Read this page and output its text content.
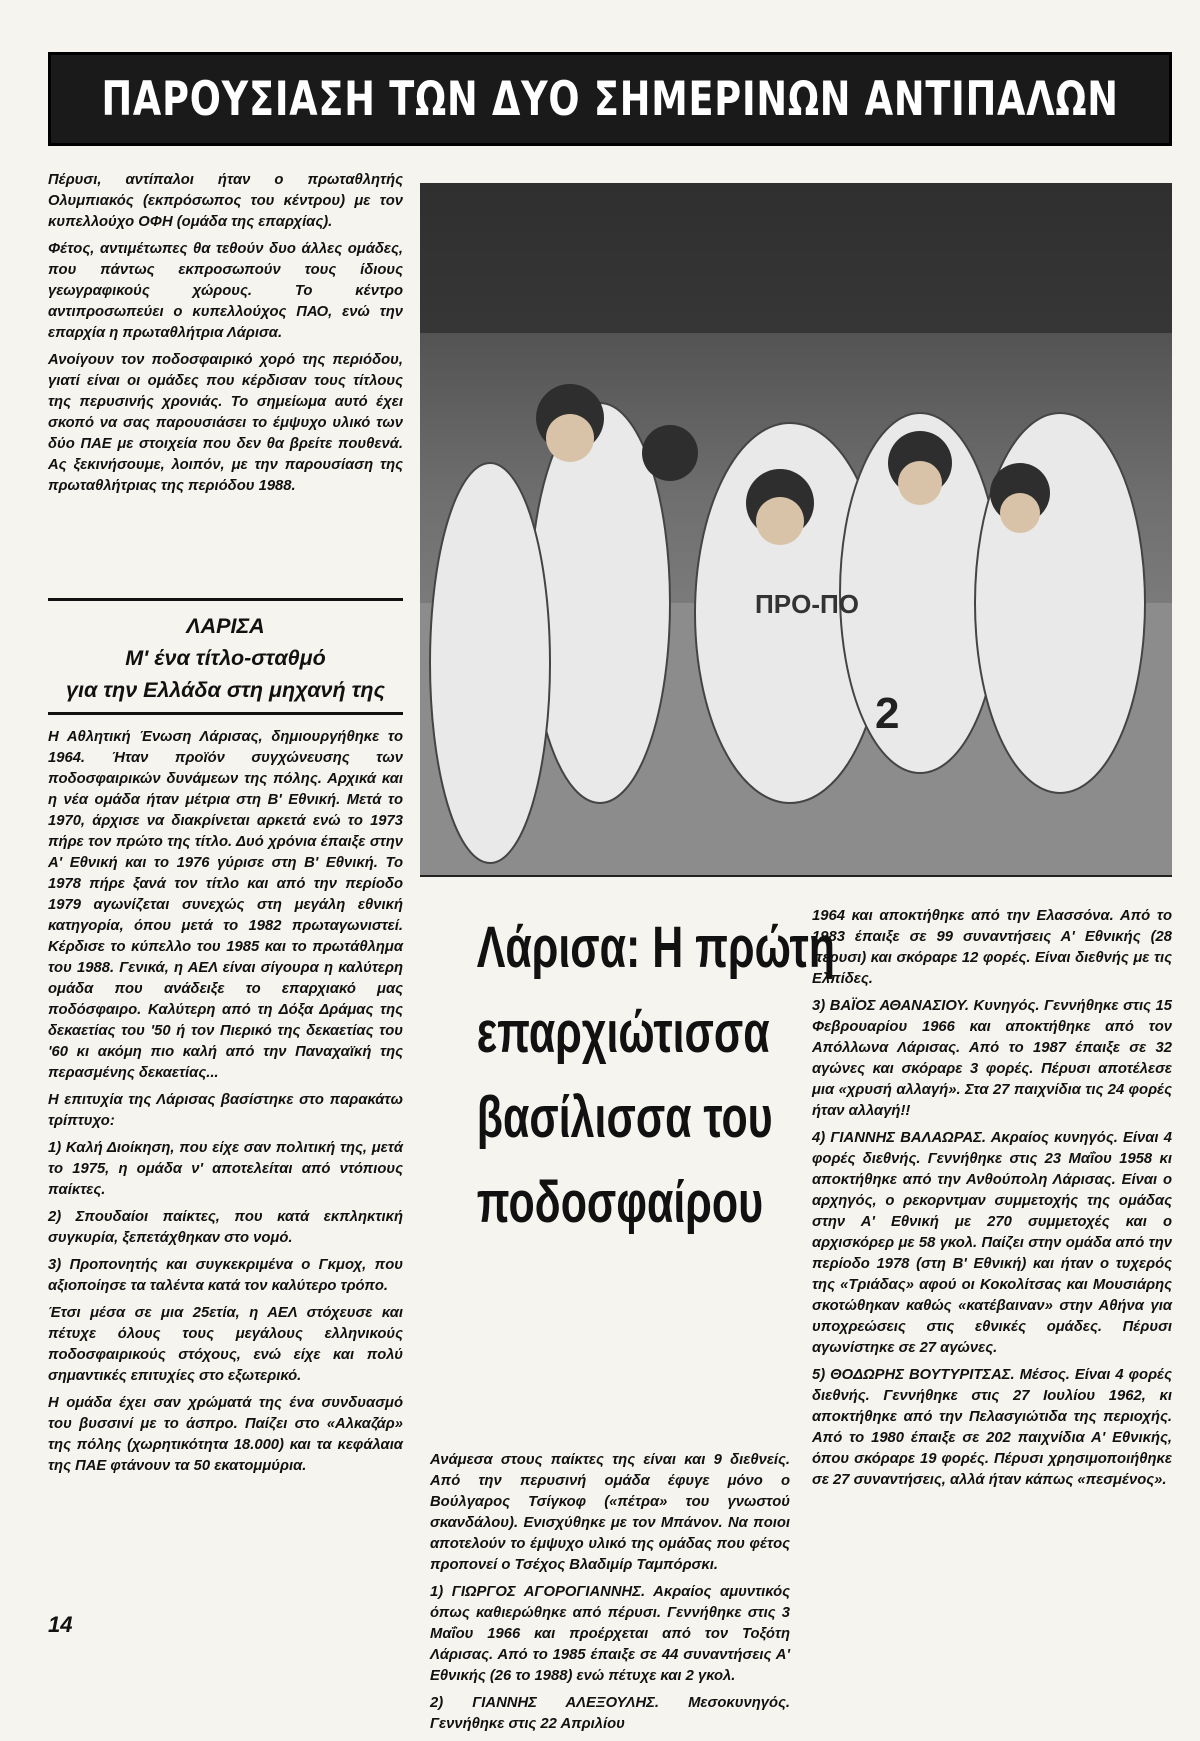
ΠΑΡΟΥΣΙΑΣΗ ΤΩΝ ΔΥΟ ΣΗΜΕΡΙΝΩΝ ΑΝΤΙΠΑΛΩΝ

Πέρυσι, αντίπαλοι ήταν ο πρωταθλητής Ολυμπιακός (εκπρόσωπος του κέντρου) με τον κυπελλούχο ΟΦΗ (ομάδα της επαρχίας).

Φέτος, αντιμέτωπες θα τεθούν δυο άλλες ομάδες, που πάντως εκπροσωπούν τους ίδιους γεωγραφικούς χώρους. Το κέντρο αντιπροσωπεύει ο κυπελλούχος ΠΑΟ, ενώ την επαρχία η πρωταθλήτρια Λάρισα.

Ανοίγουν τον ποδοσφαιρικό χορό της περιόδου, γιατί είναι οι ομάδες που κέρδισαν τους τίτλους της περυσινής χρονιάς. Το σημείωμα αυτό έχει σκοπό να σας παρουσιάσει το έμψυχο υλικό των δύο ΠΑΕ με στοιχεία που δεν θα βρείτε πουθενά. Ας ξεκινήσουμε, λοιπόν, με την παρουσίαση της πρωταθλήτριας της περιόδου 1988.

ΛΑΡΙΣΑ
Μ' ένα τίτλο-σταθμό
για την Ελλάδα στη μηχανή της

Η Αθλητική Ένωση Λάρισας, δημιουργήθηκε το 1964. Ήταν προϊόν συγχώνευσης των ποδοσφαιρικών δυνάμεων της πόλης. Αρχικά και η νέα ομάδα ήταν μέτρια στη Β' Εθνική. Μετά το 1970, άρχισε να διακρίνεται αρκετά ενώ το 1973 πήρε τον πρώτο της τίτλο. Δυό χρόνια έπαιξε στην Α' Εθνική και το 1976 γύρισε στη Β' Εθνική. Το 1978 πήρε ξανά τον τίτλο και από την περίοδο 1979 αγωνίζεται συνεχώς στη μεγάλη εθνική κατηγορία, όπου μετά το 1982 πρωταγωνιστεί. Κέρδισε το κύπελλο του 1985 και το πρωτάθλημα του 1988. Γενικά, η ΑΕΛ είναι σίγουρα η καλύτερη ομάδα που ανάδειξε το επαρχιακό μας ποδόσφαιρο. Καλύτερη από τη Δόξα Δράμας της δεκαετίας του '50 ή τον Πιερικό της δεκαετίας του '60 κι ακόμη πιο καλή από την Παναχαϊκή της περασμένης δεκαετίας...

Η επιτυχία της Λάρισας βασίστηκε στο παρακάτω τρίπτυχο:

1) Καλή Διοίκηση, που είχε σαν πολιτική της, μετά το 1975, η ομάδα ν' αποτελείται από ντόπιους παίκτες.

2) Σπουδαίοι παίκτες, που κατά εκπληκτική συγκυρία, ξεπετάχθηκαν στο νομό.

3) Προπονητής και συγκεκριμένα ο Γκμοχ, που αξιοποίησε τα ταλέντα κατά τον καλύτερο τρόπο.

Έτσι μέσα σε μια 25ετία, η ΑΕΛ στόχευσε και πέτυχε όλους τους μεγάλους ελληνικούς ποδοσφαιρικούς στόχους, ενώ είχε και πολύ σημαντικές επιτυχίες στο εξωτερικό.

Η ομάδα έχει σαν χρώματά της ένα συνδυασμό του βυσσινί με το άσπρο. Παίζει στο «Αλκαζάρ» της πόλης (χωρητικότητα 18.000) και τα κεφάλαια της ΠΑΕ φτάνουν τα 50 εκατομμύρια.

ΠΡΟ-ΠΟ
2
Λάρισα: Η πρώτη
επαρχιώτισσα
βασίλισσα του
ποδοσφαίρου

Ανάμεσα στους παίκτες της είναι και 9 διεθνείς. Από την περυσινή ομάδα έφυγε μόνο ο Βούλγαρος Τσίγκοφ («πέτρα» του γνωστού σκανδάλου). Ενισχύθηκε με τον Μπάνον. Να ποιοι αποτελούν το έμψυχο υλικό της ομάδας που φέτος προπονεί ο Τσέχος Βλαδιμίρ Ταμπόρσκι.

1) ΓΙΩΡΓΟΣ ΑΓΟΡΟΓΙΑΝΝΗΣ. Ακραίος αμυντικός όπως καθιερώθηκε από πέρυσι. Γεννήθηκε στις 3 Μαΐου 1966 και προέρχεται από τον Τοξότη Λάρισας. Από το 1985 έπαιξε σε 44 συναντήσεις Α' Εθνικής (26 το 1988) ενώ πέτυχε και 2 γκολ.

2) ΓΙΑΝΝΗΣ ΑΛΕΞΟΥΛΗΣ. Μεσοκυνηγός. Γεννήθηκε στις 22 Απριλίου

1964 και αποκτήθηκε από την Ελασσόνα. Από το 1983 έπαιξε σε 99 συναντήσεις Α' Εθνικής (28 πέρυσι) και σκόραρε 12 φορές. Είναι διεθνής με τις Ελπίδες.

3) ΒΑΪΟΣ ΑΘΑΝΑΣΙΟΥ. Κυνηγός. Γεννήθηκε στις 15 Φεβρουαρίου 1966 και αποκτήθηκε από τον Απόλλωνα Λάρισας. Από το 1987 έπαιξε σε 32 αγώνες και σκόραρε 3 φορές. Πέρυσι αποτέλεσε μια «χρυσή αλλαγή». Στα 27 παιχνίδια τις 24 φορές ήταν αλλαγή!!

4) ΓΙΑΝΝΗΣ ΒΑΛΑΩΡΑΣ. Ακραίος κυνηγός. Είναι 4 φορές διεθνής. Γεννήθηκε στις 23 Μαΐου 1958 κι αποκτήθηκε από την Ανθούπολη Λάρισας. Είναι ο αρχηγός, ο ρεκορντμαν συμμετοχής της ομάδας στην Α' Εθνική με 270 συμμετοχές και ο αρχισκόρερ με 58 γκολ. Παίζει στην ομάδα από την περίοδο 1978 (στη Β' Εθνική) και ήταν ο τυχερός της «Τριάδας» αφού οι Κοκολίτσας και Μουσιάρης σκοτώθηκαν καθώς «κατέβαιναν» στην Αθήνα για υποχρεώσεις στις εθνικές ομάδες. Πέρυσι αγωνίστηκε σε 27 αγώνες.

5) ΘΟΔΩΡΗΣ ΒΟΥΤΥΡΙΤΣΑΣ. Μέσος. Είναι 4 φορές διεθνής. Γεννήθηκε στις 27 Ιουλίου 1962, κι αποκτήθηκε από την Πελασγιώτιδα της περιοχής. Από το 1980 έπαιξε σε 202 παιχνίδια Α' Εθνικής, όπου σκόραρε 19 φορές. Πέρυσι χρησιμοποιήθηκε σε 27 συναντήσεις, αλλά ήταν κάπως «πεσμένος».

14
